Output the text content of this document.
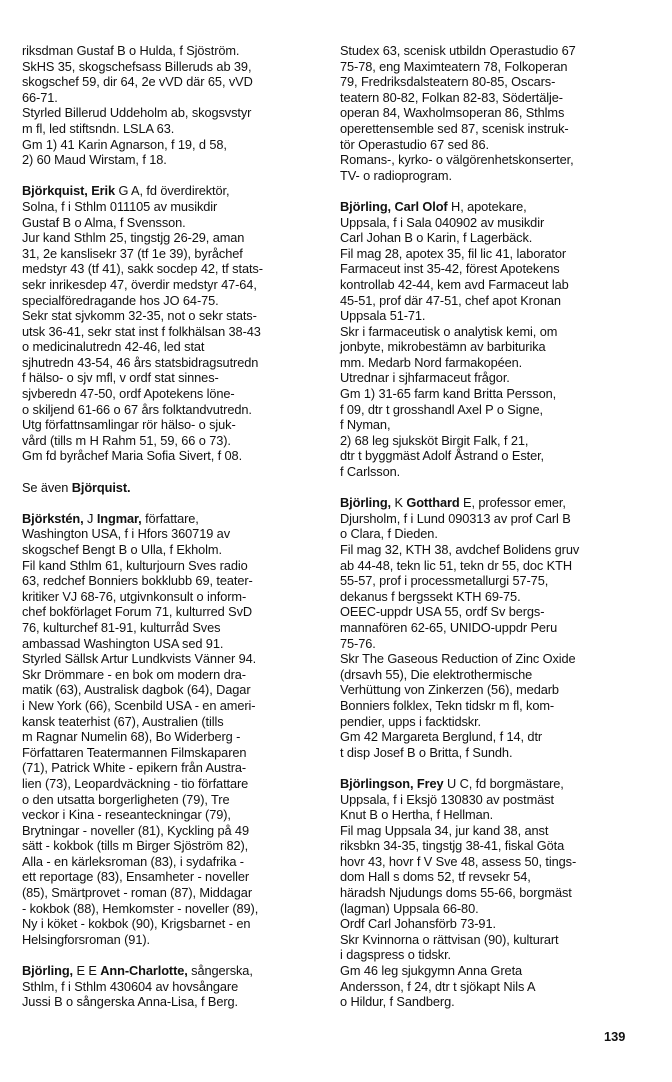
riksdman Gustaf B o Hulda, f Sjöström.
SkHS 35, skogschefsass Billeruds ab 39,
skogschef 59, dir 64, 2e vVD där 65, vVD
66-71.
Styrled Billerud Uddeholm ab, skogsvstyr
m fl, led stiftsndn. LSLA 63.
Gm 1) 41 Karin Agnarson, f 19, d 58,
2) 60 Maud Wirstam, f 18.
Björkquist, Erik G A, fd överdirektör,
Solna, f i Sthlm 011105 av musikdir
Gustaf B o Alma, f Svensson.
Jur kand Sthlm 25, tingstjg 26-29, aman
31, 2e kanslisekr 37 (tf 1e 39), byråchef
medstyr 43 (tf 41), sakk socdep 42, tf stats-
sekr inrikesdep 47, överdir medstyr 47-64,
specialföredragande hos JO 64-75.
Sekr stat sjvkomm 32-35, not o sekr stats-
utsk 36-41, sekr stat inst f folkhälsan 38-43
o medicinalutredn 42-46, led stat
sjhutredn 43-54, 46 års statsbidragsutredn
f hälso- o sjv mfl, v ordf stat sinnes-
sjvberedn 47-50, ordf Apotekens löne-
o skiljend 61-66 o 67 års folktandvutredn.
Utg författnsamlingar rör hälso- o sjuk-
vård (tills m H Rahm 51, 59, 66 o 73).
Gm fd byråchef Maria Sofia Sivert, f 08.
Se även Björquist.
Björkstén, J Ingmar, författare,
Washington USA, f i Hfors 360719 av
skogschef Bengt B o Ulla, f Ekholm.
Fil kand Sthlm 61, kulturjourn Sves radio
63, redchef Bonniers bokklubb 69, teater-
kritiker VJ 68-76, utgivnkonsult o inform-
chef bokförlaget Forum 71, kulturred SvD
76, kulturchef 81-91, kulturråd Sves
ambassad Washington USA sed 91.
Styrled Sällsk Artur Lundkvists Vänner 94.
Skr Drömmare - en bok om modern dra-
matik (63), Australisk dagbok (64), Dagar
i New York (66), Scenbild USA - en ameri-
kansk teaterhist (67), Australien (tills
m Ragnar Numelin 68), Bo Widerberg -
Författaren Teatermannen Filmskaparen
(71), Patrick White - epikern från Austra-
lien (73), Leopardväckning - tio författare
o den utsatta borgerligheten (79), Tre
veckor i Kina - reseanteckningar (79),
Brytningar - noveller (81), Kyckling på 49
sätt - kokbok (tills m Birger Sjöström 82),
Alla - en kärleksroman (83), i sydafrika -
ett reportage (83), Ensamheter - noveller
(85), Smärtprovet - roman (87), Middagar
- kokbok (88), Hemkomster - noveller (89),
Ny i köket - kokbok (90), Krigsbarnet - en
Helsingforsroman (91).
Björling, E E Ann-Charlotte, sångerska,
Sthlm, f i Sthlm 430604 av hovsångare
Jussi B o sångerska Anna-Lisa, f Berg.
Studex 63, scenisk utbildn Operastudio 67
75-78, eng Maximteatern 78, Folkoperan
79, Fredriksdalsteatern 80-85, Oscars-
teatern 80-82, Folkan 82-83, Södertälje-
operan 84, Waxholmsoperan 86, Sthlms
operettensemble sed 87, scenisk instruk-
tör Operastudio 67 sed 86.
Romans-, kyrko- o välgörenhetskonserter,
TV- o radioprogram.
Björling, Carl Olof H, apotekare,
Uppsala, f i Sala 040902 av musikdir
Carl Johan B o Karin, f Lagerbäck.
Fil mag 28, apotex 35, fil lic 41, laborator
Farmaceut inst 35-42, förest Apotekens
kontrollab 42-44, kem avd Farmaceut lab
45-51, prof där 47-51, chef apot Kronan
Uppsala 51-71.
Skr i farmaceutisk o analytisk kemi, om
jonbyte, mikrobestämn av barbiturika
mm. Medarb Nord farmakopéen.
Utrednar i sjhfarmaceut frågor.
Gm 1) 31-65 farm kand Britta Persson,
f 09, dtr t grosshandl Axel P o Signe,
f Nyman,
2) 68 leg sjuksköt Birgit Falk, f 21,
dtr t byggmäst Adolf Åstrand o Ester,
f Carlsson.
Björling, K Gotthard E, professor emer,
Djursholm, f i Lund 090313 av prof Carl B
o Clara, f Dieden.
Fil mag 32, KTH 38, avdchef Bolidens gruv
ab 44-48, tekn lic 51, tekn dr 55, doc KTH
55-57, prof i processmetallurgi 57-75,
dekanus f bergssekt KTH 69-75.
OEEC-uppdr USA 55, ordf Sv bergs-
mannafören 62-65, UNIDO-uppdr Peru
75-76.
Skr The Gaseous Reduction of Zinc Oxide
(drsavh 55), Die elektrothermische
Verhüttung von Zinkerzen (56), medarb
Bonniers folklex, Tekn tidskr m fl, kom-
pendier, upps i facktidskr.
Gm 42 Margareta Berglund, f 14, dtr
t disp Josef B o Britta, f Sundh.
Björlingson, Frey U C, fd borgmästare,
Uppsala, f i Eksjö 130830 av postmäst
Knut B o Hertha, f Hellman.
Fil mag Uppsala 34, jur kand 38, anst
riksbkn 34-35, tingstjg 38-41, fiskal Göta
hovr 43, hovr f V Sve 48, assess 50, tings-
dom Hall s doms 52, tf revsekr 54,
häradsh Njudungs doms 55-66, borgmäst
(lagman) Uppsala 66-80.
Ordf Carl Johansförb 73-91.
Skr Kvinnorna o rättvisan (90), kulturart
i dagspress o tidskr.
Gm 46 leg sjukgymn Anna Greta
Andersson, f 24, dtr t sjökapt Nils A
o Hildur, f Sandberg.
139
